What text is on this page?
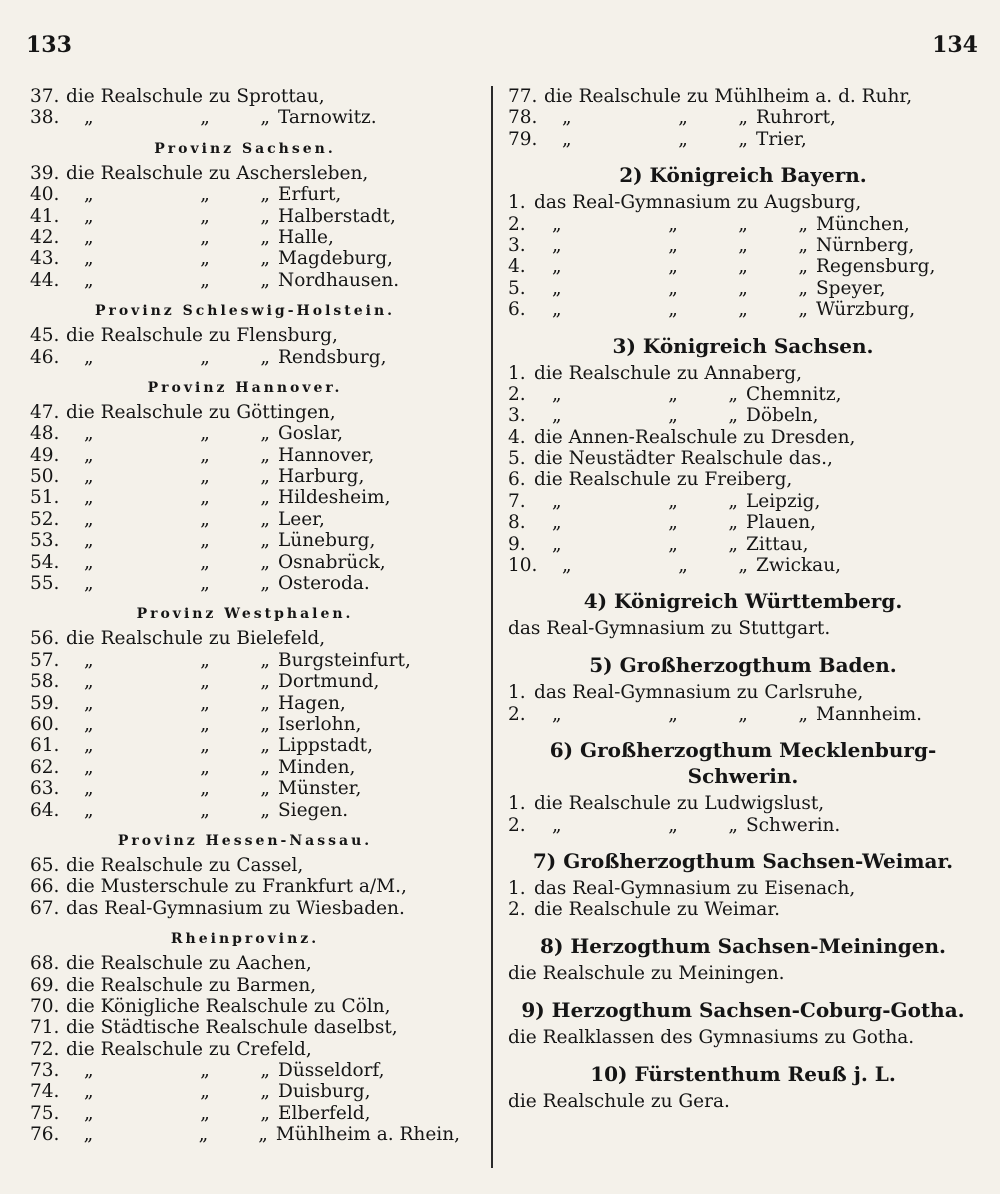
133	134
37. die Realschule zu Sprottau,
38.	„	„	„ Tarnowitz.
Provinz Sachsen.
39. die Realschule zu Aschersleben,
40.	„	„	„ Erfurt,
41.	„	„	„ Halberstadt,
42.	„	„	„ Halle,
43.	„	„	„ Magdeburg,
44.	„	„	„ Nordhausen.
Provinz Schleswig-Holstein.
45. die Realschule zu Flensburg,
46.	„	„	„ Rendsburg,
Provinz Hannover.
47. die Realschule zu Göttingen,
48.	„	„	„ Goslar,
49.	„	„	„ Hannover,
50.	„	„	„ Harburg,
51.	„	„	„ Hildesheim,
52.	„	„	„ Leer,
53.	„	„	„ Lüneburg,
54.	„	„	„ Osnabrück,
55.	„	„	„ Osteroda.
Provinz Westphalen.
56. die Realschule zu Bielefeld,
57.	„	„	„ Burgsteinfurt,
58.	„	„	„ Dortmund,
59.	„	„	„ Hagen,
60.	„	„	„ Iserlohn,
61.	„	„	„ Lippstadt,
62.	„	„	„ Minden,
63.	„	„	„ Münster,
64.	„	„	„ Siegen.
Provinz Hessen-Nassau.
65. die Realschule zu Cassel,
66. die Musterschule zu Frankfurt a/M.,
67. das Real-Gymnasium zu Wiesbaden.
Rheinprovinz.
68. die Realschule zu Aachen,
69. die Realschule zu Barmen,
70. die Königliche Realschule zu Cöln,
71. die Städtische Realschule daselbst,
72. die Realschule zu Crefeld,
73.	„	„	„ Düsseldorf,
74.	„	„	„ Duisburg,
75.	„	„	„ Elberfeld,
76.	„	„	„ Mühlheim a. Rhein,
77. die Realschule zu Mühlheim a. d. Ruhr,
78.	„	„	„ Ruhrort,
79.	„	„	„ Trier,
2) Königreich Bayern.
1. das Real-Gymnasium zu Augsburg,
2.	„	„	„	„ München,
3.	„	„	„	„ Nürnberg,
4.	„	„	„	„ Regensburg,
5.	„	„	„	„ Speyer,
6.	„	„	„	„ Würzburg,
3) Königreich Sachsen.
1. die Realschule zu Annaberg,
2.	„	„	„ Chemnitz,
3.	„	„	„ Döbeln,
4. die Annen-Realschule zu Dresden,
5. die Neustädter Realschule das.,
6. die Realschule zu Freiberg,
7.	„	„	„ Leipzig,
8.	„	„	„ Plauen,
9.	„	„	„ Zittau,
10.	„	„	„ Zwickau,
4) Königreich Württemberg.
das Real-Gymnasium zu Stuttgart.
5) Großherzogthum Baden.
1. das Real-Gymnasium zu Carlsruhe,
2.	„	„	„	„ Mannheim.
6) Großherzogthum Mecklenburg-Schwerin.
1. die Realschule zu Ludwigslust,
2.	„	„	„ Schwerin.
7) Großherzogthum Sachsen-Weimar.
1. das Real-Gymnasium zu Eisenach,
2. die Realschule zu Weimar.
8) Herzogthum Sachsen-Meiningen.
die Realschule zu Meiningen.
9) Herzogthum Sachsen-Coburg-Gotha.
die Realklassen des Gymnasiums zu Gotha.
10) Fürstenthum Reuß j. L.
die Realschule zu Gera.
